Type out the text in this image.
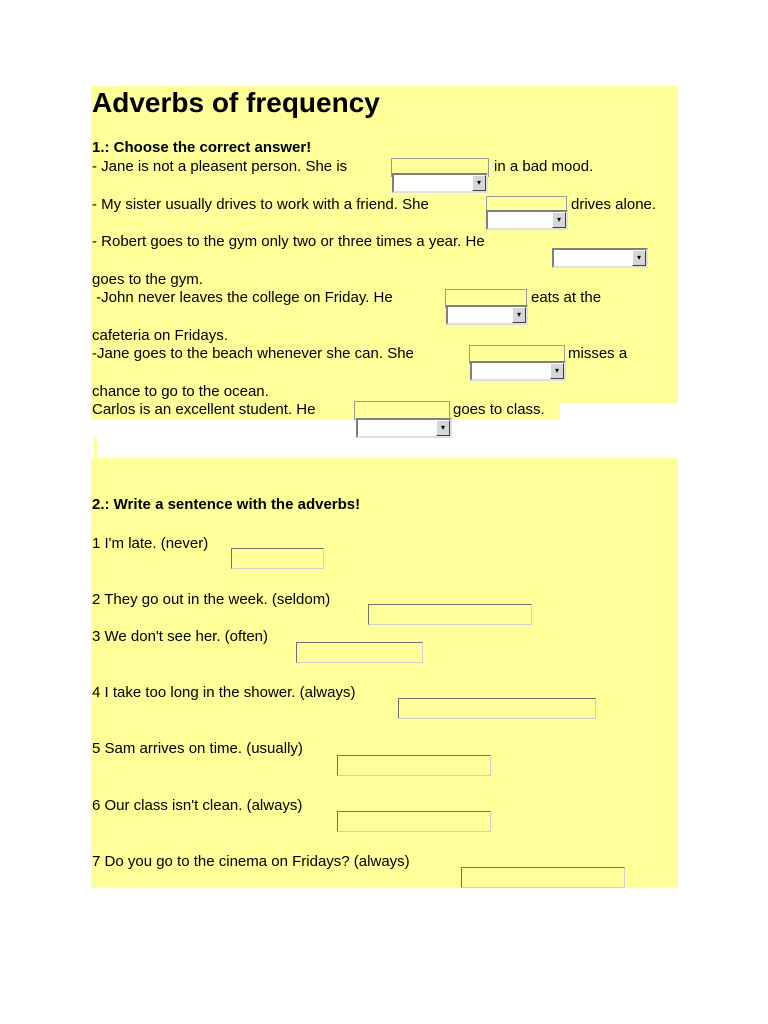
Adverbs of frequency
1.: Choose the correct answer!
- Jane is not a pleasent person. She is	in a bad mood.
▾
- My sister usually drives to work with a friend. She	drives alone.
▾
- Robert goes to the gym only two or three times a year. He
▾
goes to the gym.
-John never leaves the college on Friday. He	eats at the
▾
cafeteria on Fridays.
-Jane goes to the beach whenever she can. She	misses a
▾
chance to go to the ocean.
Carlos is an excellent student. He	goes to class.
▾
2.: Write a sentence with the adverbs!
1 I'm late. (never)
2 They go out in the week. (seldom)
3 We don't see her. (often)
4 I take too long in the shower. (always)
5 Sam arrives on time. (usually)
6 Our class isn't clean. (always)
7 Do you go to the cinema on Fridays? (always)
